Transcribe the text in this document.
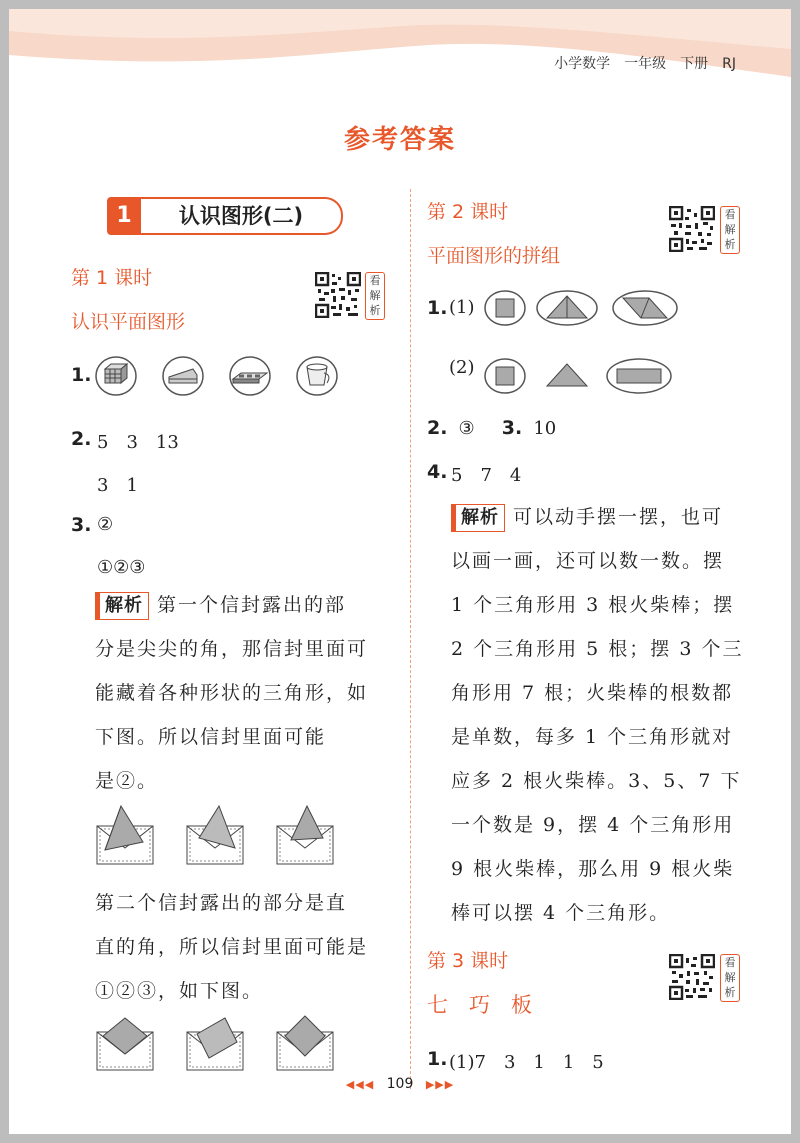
小学数学　一年级　下册　RJ
参考答案
1	认识图形(二)
第 1 课时
认识平面图形
看解析
1.
2. 5　3　13
3　1
3. ②
①②③
解析 第一个信封露出的部
分是尖尖的角，那信封里面可
能藏着各种形状的三角形，如
下图。所以信封里面可能
是②。
第二个信封露出的部分是直
直的角，所以信封里面可能是
①②③，如下图。
第 2 课时
平面图形的拼组
看解析
1. (1)
(2)
2. ③ 3. 10
4. 5　7　4
解析 可以动手摆一摆，也可
以画一画，还可以数一数。摆
1 个三角形用 3 根火柴棒；摆
2 个三角形用 5 根；摆 3 个三
角形用 7 根；火柴棒的根数都
是单数，每多 1 个三角形就对
应多 2 根火柴棒。3、5、7 下
一个数是 9，摆 4 个三角形用
9 根火柴棒，那么用 9 根火柴
棒可以摆 4 个三角形。
第 3 课时
七　巧　板
看解析
1. (1)7　3　1　1　5
◀◀◀ 109 ▶▶▶
